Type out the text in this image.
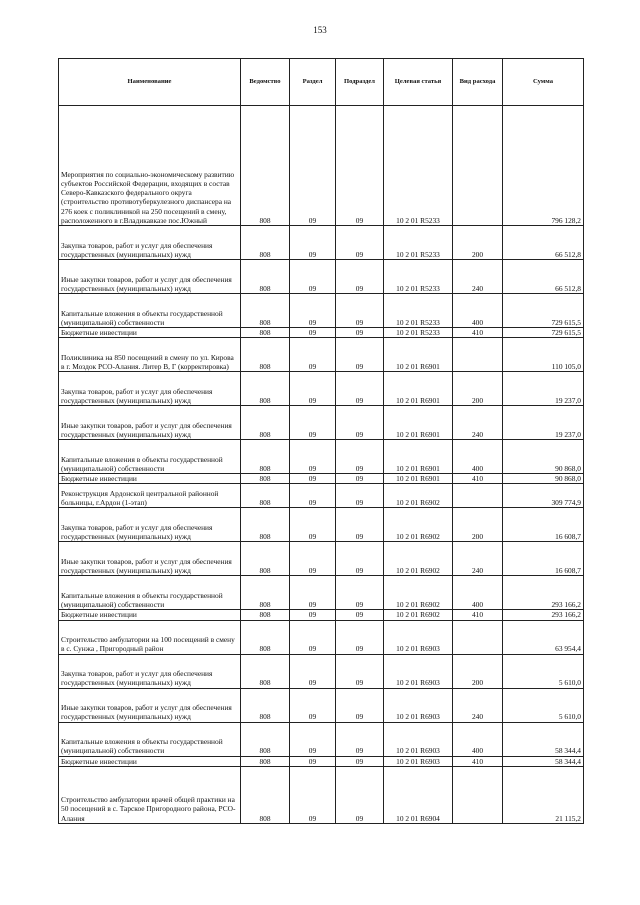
153
Наименование	Ведомство	Раздел	Подраздел	Целевая статья	Вид расхода	Сумма
Мероприятия по социально-экономическому развитию субъектов Российской Федерации, входящих в состав Северо-Кавказского федерального округа (строительство противотуберкулезного диспансера на 276 коек с поликлиникой на 250 посещений в смену, расположенного в г.Владикавказе пос.Южный	808	09	09	10 2 01 R5233		796 128,2
Закупка товаров, работ и услуг для обеспечения государственных (муниципальных) нужд	808	09	09	10 2 01 R5233	200	66 512,8
Иные закупки товаров, работ и услуг для обеспечения государственных (муниципальных) нужд	808	09	09	10 2 01 R5233	240	66 512,8
Капитальные вложения в объекты государственной (муниципальной) собственности	808	09	09	10 2 01 R5233	400	729 615,5
Бюджетные инвестиции	808	09	09	10 2 01 R5233	410	729 615,5
Поликлиника на 850 посещений в смену по ул. Кирова в г. Моздок РСО-Алания. Литер В, Г (корректировка)	808	09	09	10 2 01 R6901		110 105,0
Закупка товаров, работ и услуг для обеспечения государственных (муниципальных) нужд	808	09	09	10 2 01 R6901	200	19 237,0
Иные закупки товаров, работ и услуг для обеспечения государственных (муниципальных) нужд	808	09	09	10 2 01 R6901	240	19 237,0
Капитальные вложения в объекты государственной (муниципальной) собственности	808	09	09	10 2 01 R6901	400	90 868,0
Бюджетные инвестиции	808	09	09	10 2 01 R6901	410	90 868,0
Реконструкция Ардонской центральной районной больницы, г.Ардон (1-этап)	808	09	09	10 2 01 R6902		309 774,9
Закупка товаров, работ и услуг для обеспечения государственных (муниципальных) нужд	808	09	09	10 2 01 R6902	200	16 608,7
Иные закупки товаров, работ и услуг для обеспечения государственных (муниципальных) нужд	808	09	09	10 2 01 R6902	240	16 608,7
Капитальные вложения в объекты государственной (муниципальной) собственности	808	09	09	10 2 01 R6902	400	293 166,2
Бюджетные инвестиции	808	09	09	10 2 01 R6902	410	293 166,2
Строительство амбулатории на 100 посещений в смену в с. Сунжа , Пригородный район	808	09	09	10 2 01 R6903		63 954,4
Закупка товаров, работ и услуг для обеспечения государственных (муниципальных) нужд	808	09	09	10 2 01 R6903	200	5 610,0
Иные закупки товаров, работ и услуг для обеспечения государственных (муниципальных) нужд	808	09	09	10 2 01 R6903	240	5 610,0
Капитальные вложения в объекты государственной (муниципальной) собственности	808	09	09	10 2 01 R6903	400	58 344,4
Бюджетные инвестиции	808	09	09	10 2 01 R6903	410	58 344,4
Строительство амбулатории врачей общей практики на 50 посещений в с. Тарское Пригородного района, РСО-Алания	808	09	09	10 2 01 R6904		21 115,2
